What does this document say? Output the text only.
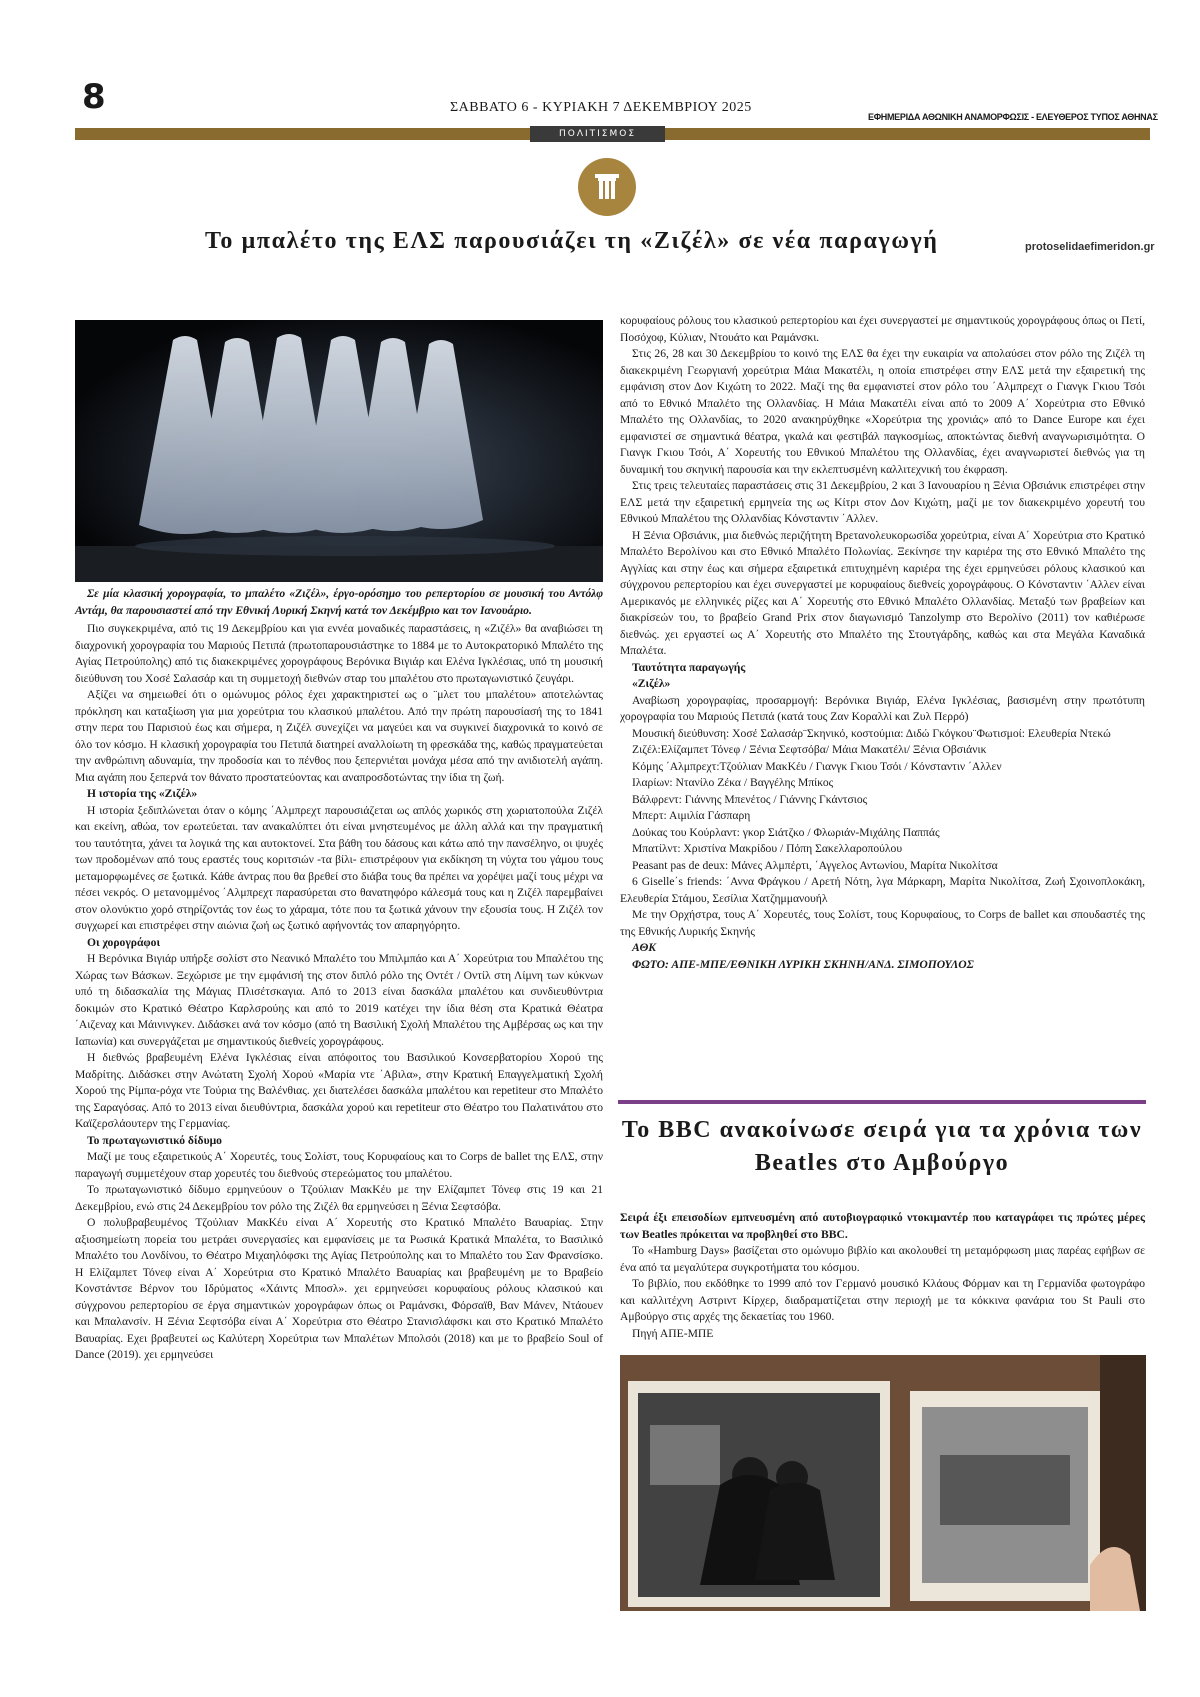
8	ΣΑΒΒΑΤΟ 6 - ΚΥΡΙΑΚΗ 7 ΔΕΚΕΜΒΡΙΟΥ 2025
ΕΦΗΜΕΡΙΔΑ ΑΘΩΝΙΚΗ ΑΝΑΜΟΡΦΩΣΙΣ - ΕΛΕΥΘΕΡΟΣ ΤΥΠΟΣ ΑΘΗΝΑΣ
ΠΟΛΙΤΙΣΜΟΣ
Το μπαλέτο της ΕΛΣ παρουσιάζει τη «Ζιζέλ» σε νέα παραγωγή	protoselidaefimeridon.gr

Σε μία κλασική χορογραφία, το μπαλέτο «Ζιζέλ», έργο-ορόσημο του ρεπερτορίου σε μουσική του Αντόλφ Αντάμ, θα παρουσιαστεί από την Εθνική Λυρική Σκηνή κατά τον Δεκέμβριο και τον Ιανουάριο.

Πιο συγκεκριμένα, από τις 19 Δεκεμβρίου και για εννέα μοναδικές παραστάσεις, η «Ζιζέλ» θα αναβιώσει τη διαχρονική χορογραφία του Μαριούς Πετιπά (πρωτοπαρουσιάστηκε το 1884 με το Αυτοκρατορικό Μπαλέτο της Αγίας Πετρούπολης) από τις διακεκριμένες χορογράφους Βερόνικα Βιγιάρ και Ελένα Ιγκλέσιας, υπό τη μουσική διεύθυνση του Χοσέ Σαλασάρ και τη συμμετοχή διεθνών σταρ του μπαλέτου στο πρωταγωνιστικό ζευγάρι.

Αξίζει να σημειωθεί ότι ο ομώνυμος ρόλος έχει χαρακτηριστεί ως ο ¨μλετ του μπαλέτου» αποτελώντας πρόκληση και καταξίωση για μια χορεύτρια του κλασικού μπαλέτου. Από την πρώτη παρουσίασή της το 1841 στην περα του Παρισιού έως και σήμερα, η Ζιζέλ συνεχίζει να μαγεύει και να συγκινεί διαχρονικά το κοινό σε όλο τον κόσμο. Η κλασική χορογραφία του Πετιπά διατηρεί αναλλοίωτη τη φρεσκάδα της, καθώς πραγματεύεται την ανθρώπινη αδυναμία, την προδοσία και το πένθος που ξεπερνιέται μονάχα μέσα από την ανιδιοτελή αγάπη. Μια αγάπη που ξεπερνά τον θάνατο προστατεύοντας και αναπροσδοτώντας την ίδια τη ζωή.

Η ιστορία της «Ζιζέλ»

Η ιστορία ξεδιπλώνεται όταν ο κόμης ΄Αλμπρεχτ παρουσιάζεται ως απλός χωρικός στη χωριατοπούλα Ζιζέλ και εκείνη, αθώα, τον ερωτεύεται. ταν ανακαλύπτει ότι είναι μνηστευμένος με άλλη αλλά και την πραγματική του ταυτότητα, χάνει τα λογικά της και αυτοκτονεί. Στα βάθη του δάσους και κάτω από την πανσέληνο, οι ψυχές των προδομένων από τους εραστές τους κοριτσιών -τα βίλι- επιστρέφουν για εκδίκηση τη νύχτα του γάμου τους μεταμορφωμένες σε ξωτικά. Κάθε άντρας που θα βρεθεί στο διάβα τους θα πρέπει να χορέψει μαζί τους μέχρι να πέσει νεκρός. Ο μετανομμένος ΄Αλμπρεχτ παρασύρεται στο θανατηφόρο κάλεσμά τους και η Ζιζέλ παρεμβαίνει στον ολονύκτιο χορό στηρίζοντάς τον έως το χάραμα, τότε που τα ξωτικά χάνουν την εξουσία τους. Η Ζιζέλ τον συγχωρεί και επιστρέφει στην αιώνια ζωή ως ξωτικό αφήνοντάς τον απαρηγόρητο.

Οι χορογράφοι

Η Βερόνικα Βιγιάρ υπήρξε σολίστ στο Νεανικό Μπαλέτο του Μπιλμπάο και Α΄ Χορεύτρια του Μπαλέτου της Χώρας των Βάσκων. Ξεχώρισε με την εμφάνισή της στον διπλό ρόλο της Οντέτ / Οντίλ στη Λίμνη των κύκνων υπό τη διδασκαλία της Μάγιας Πλισέτσκαγια. Από το 2013 είναι δασκάλα μπαλέτου και συνδιευθύντρια δοκιμών στο Κρατικό Θέατρο Καρλσρούης και από το 2019 κατέχει την ίδια θέση στα Κρατικά Θέατρα ΄Αιζεναχ και Μάινινγκεν. Διδάσκει ανά τον κόσμο (από τη Βασιλική Σχολή Μπαλέτου της Αμβέρσας ως και την Ιαπωνία) και συνεργάζεται με σημαντικούς διεθνείς χορογράφους.

Η διεθνώς βραβευμένη Ελένα Ιγκλέσιας είναι απόφοιτος του Βασιλικού Κονσερβατορίου Χορού της Μαδρίτης. Διδάσκει στην Ανώτατη Σχολή Χορού «Μαρία ντε ΄Αβιλα», στην Κρατική Επαγγελματική Σχολή Χορού της Ρίμπα-ρόχα ντε Τούρια της Βαλένθιας. χει διατελέσει δασκάλα μπαλέτου και repetiteur στο Μπαλέτο της Σαραγόσας. Από το 2013 είναι διευθύντρια, δασκάλα χορού και repetiteur στο Θέατρο του Παλατινάτου στο Καϊζερσλάουτερν της Γερμανίας.

Το πρωταγωνιστικό δίδυμο

Μαζί με τους εξαιρετικούς Α΄ Χορευτές, τους Σολίστ, τους Κορυφαίους και το Corps de ballet της ΕΛΣ, στην παραγωγή συμμετέχουν σταρ χορευτές του διεθνούς στερεώματος του μπαλέτου.

Το πρωταγωνιστικό δίδυμο ερμηνεύουν ο Τζούλιαν ΜακΚέυ με την Ελίζαμπετ Τόνεφ στις 19 και 21 Δεκεμβρίου, ενώ στις 24 Δεκεμβρίου τον ρόλο της Ζιζέλ θα ερμηνεύσει η Ξένια Σεφτσόβα.

Ο πολυβραβευμένος Τζούλιαν ΜακΚέυ είναι Α΄ Χορευτής στο Κρατικό Μπαλέτο Βαυαρίας. Στην αξιοσημείωτη πορεία του μετράει συνεργασίες και εμφανίσεις με τα Ρωσικά Κρατικά Μπαλέτα, το Βασιλικό Μπαλέτο του Λονδίνου, το Θέατρο Μιχαηλόφσκι της Αγίας Πετρούπολης και το Μπαλέτο του Σαν Φρανσίσκο. Η Ελίζαμπετ Τόνεφ είναι Α΄ Χορεύτρια στο Κρατικό Μπαλέτο Βαυαρίας και βραβευμένη με το Βραβείο Κονστάντσε Βέρνον του Ιδρύματος «Χάιντς Μποσλ». χει ερμηνεύσει κορυφαίους ρόλους κλασικού και σύγχρονου ρεπερτορίου σε έργα σημαντικών χορογράφων όπως οι Ραμάνσκι, Φόρσαϊθ, Βαν Μάνεν, Ντάουεν και Μπαλανσίν. Η Ξένια Σεφτσόβα είναι Α΄ Χορεύτρια στο Θέατρο Στανισλάφσκι και στο Κρατικό Μπαλέτο Βαυαρίας. Εχει βραβευτεί ως Καλύτερη Χορεύτρια των Μπαλέτων Μπολσόι (2018) και με το βραβείο Soul of Dance (2019). χει ερμηνεύσει

κορυφαίους ρόλους του κλασικού ρεπερτορίου και έχει συνεργαστεί με σημαντικούς χορογράφους όπως οι Πετί, Ποσόχοφ, Κύλιαν, Ντουάτο και Ραμάνσκι.

Στις 26, 28 και 30 Δεκεμβρίου το κοινό της ΕΛΣ θα έχει την ευκαιρία να απολαύσει στον ρόλο της Ζιζέλ τη διακεκριμένη Γεωργιανή χορεύτρια Μάια Μακατέλι, η οποία επιστρέφει στην ΕΛΣ μετά την εξαιρετική της εμφάνιση στον Δον Κιχώτη το 2022. Μαζί της θα εμφανιστεί στον ρόλο του ΄Αλμπρεχτ ο Γιανγκ Γκιου Τσόι από το Εθνικό Μπαλέτο της Ολλανδίας. Η Μάια Μακατέλι είναι από το 2009 Α΄ Χορεύτρια στο Εθνικό Μπαλέτο της Ολλανδίας, το 2020 ανακηρύχθηκε «Χορεύτρια της χρονιάς» από το Dance Europe και έχει εμφανιστεί σε σημαντικά θέατρα, γκαλά και φεστιβάλ παγκοσμίως, αποκτώντας διεθνή αναγνωρισιμότητα. Ο Γιανγκ Γκιου Τσόι, Α΄ Χορευτής του Εθνικού Μπαλέτου της Ολλανδίας, έχει αναγνωριστεί διεθνώς για τη δυναμική του σκηνική παρουσία και την εκλεπτυσμένη καλλιτεχνική του έκφραση.

Στις τρεις τελευταίες παραστάσεις στις 31 Δεκεμβρίου, 2 και 3 Ιανουαρίου η Ξένια Οβσιάνικ επιστρέφει στην ΕΛΣ μετά την εξαιρετική ερμηνεία της ως Κίτρι στον Δον Κιχώτη, μαζί με τον διακεκριμένο χορευτή του Εθνικού Μπαλέτου της Ολλανδίας Κόνσταντιν ΄Αλλεν.

Η Ξένια Οβσιάνικ, μια διεθνώς περιζήτητη Βρετανολευκορωσίδα χορεύτρια, είναι Α΄ Χορεύτρια στο Κρατικό Μπαλέτο Βερολίνου και στο Εθνικό Μπαλέτο Πολωνίας. Ξεκίνησε την καριέρα της στο Εθνικό Μπαλέτο της Αγγλίας και στην έως και σήμερα εξαιρετικά επιτυχημένη καριέρα της έχει ερμηνεύσει ρόλους κλασικού και σύγχρονου ρεπερτορίου και έχει συνεργαστεί με κορυφαίους διεθνείς χορογράφους. Ο Κόνσταντιν ΄Αλλεν είναι Αμερικανός με ελληνικές ρίζες και Α΄ Χορευτής στο Εθνικό Μπαλέτο Ολλανδίας. Μεταξύ των βραβείων και διακρίσεών του, το βραβείο Grand Prix στον διαγωνισμό Tanzolymp στο Βερολίνο (2011) τον καθιέρωσε διεθνώς. χει εργαστεί ως Α΄ Χορευτής στο Μπαλέτο της Στουτγάρδης, καθώς και στα Μεγάλα Καναδικά Μπαλέτα.

Ταυτότητα παραγωγής

«Ζιζέλ»

Αναβίωση χορογραφίας, προσαρμογή: Βερόνικα Βιγιάρ, Ελένα Ιγκλέσιας, βασισμένη στην πρωτότυπη χορογραφία του Μαριούς Πετιπά (κατά τους Ζαν Κοραλλί και Ζυλ Περρό)

Μουσική διεύθυνση: Χοσέ Σαλασάρ¨Σκηνικό, κοστούμια: Διδώ Γκόγκου¨Φωτισμοί: Ελευθερία Ντεκώ

Ζιζέλ:Ελίζαμπετ Τόνεφ / Ξένια Σεφτσόβα/ Μάια Μακατέλι/ Ξένια Οβσιάνικ

Κόμης ΄Αλμπρεχτ:Τζούλιαν ΜακΚέυ / Γιανγκ Γκιου Τσόι / Κόνσταντιν ΄Αλλεν

Ιλαρίων: Ντανίλο Ζέκα / Βαγγέλης Μπίκος

Βάλφρεντ: Γιάννης Μπενέτος / Γιάννης Γκάντσιος

Μπερτ: Αιμιλία Γάσπαρη

Δούκας του Κούρλαντ: γκορ Σιάτζκο / Φλωριάν-Μιχάλης Παππάς

Μπατίλντ: Χριστίνα Μακρίδου / Πόπη Σακελλαροπούλου

Peasant pas de deux: Μάνες Αλμπέρτι, ΄Αγγελος Αντωνίου, Μαρίτα Νικολίτσα

6 Giselle΄s friends: ΄Αννα Φράγκου / Αρετή Νότη, λγα Μάρκαρη, Μαρίτα Νικολίτσα, Ζωή Σχοινοπλοκάκη, Ελευθερία Στάμου, Σεσίλια Χατζημμανουήλ

Με την Ορχήστρα, τους Α΄ Χορευτές, τους Σολίστ, τους Κορυφαίους, το Corps de ballet και σπουδαστές της της Εθνικής Λυρικής Σκηνής

ΑΘΚ

ΦΩΤΟ: ΑΠΕ-ΜΠΕ/ΕΘΝΙΚΗ ΛΥΡΙΚΗ ΣΚΗΝΗ/ΑΝΔ. ΣΙΜΟΠΟΥΛΟΣ

Το BBC ανακοίνωσε σειρά για τα χρόνια των Beatles στο Αμβούργο

Σειρά έξι επεισοδίων εμπνευσμένη από αυτοβιογραφικό ντοκιμαντέρ που καταγράφει τις πρώτες μέρες των Beatles πρόκειται να προβληθεί στο BBC.

Το «Hamburg Days» βασίζεται στο ομώνυμο βιβλίο και ακολουθεί τη μεταμόρφωση μιας παρέας εφήβων σε ένα από τα μεγαλύτερα συγκροτήματα του κόσμου.

Το βιβλίο, που εκδόθηκε το 1999 από τον Γερμανό μουσικό Κλάους Φόρμαν και τη Γερμανίδα φωτογράφο και καλλιτέχνη Αστριντ Κίρχερ, διαδραματίζεται στην περιοχή με τα κόκκινα φανάρια του St Pauli στο Αμβούργο στις αρχές της δεκαετίας του 1960.

Πηγή ΑΠΕ-ΜΠΕ
